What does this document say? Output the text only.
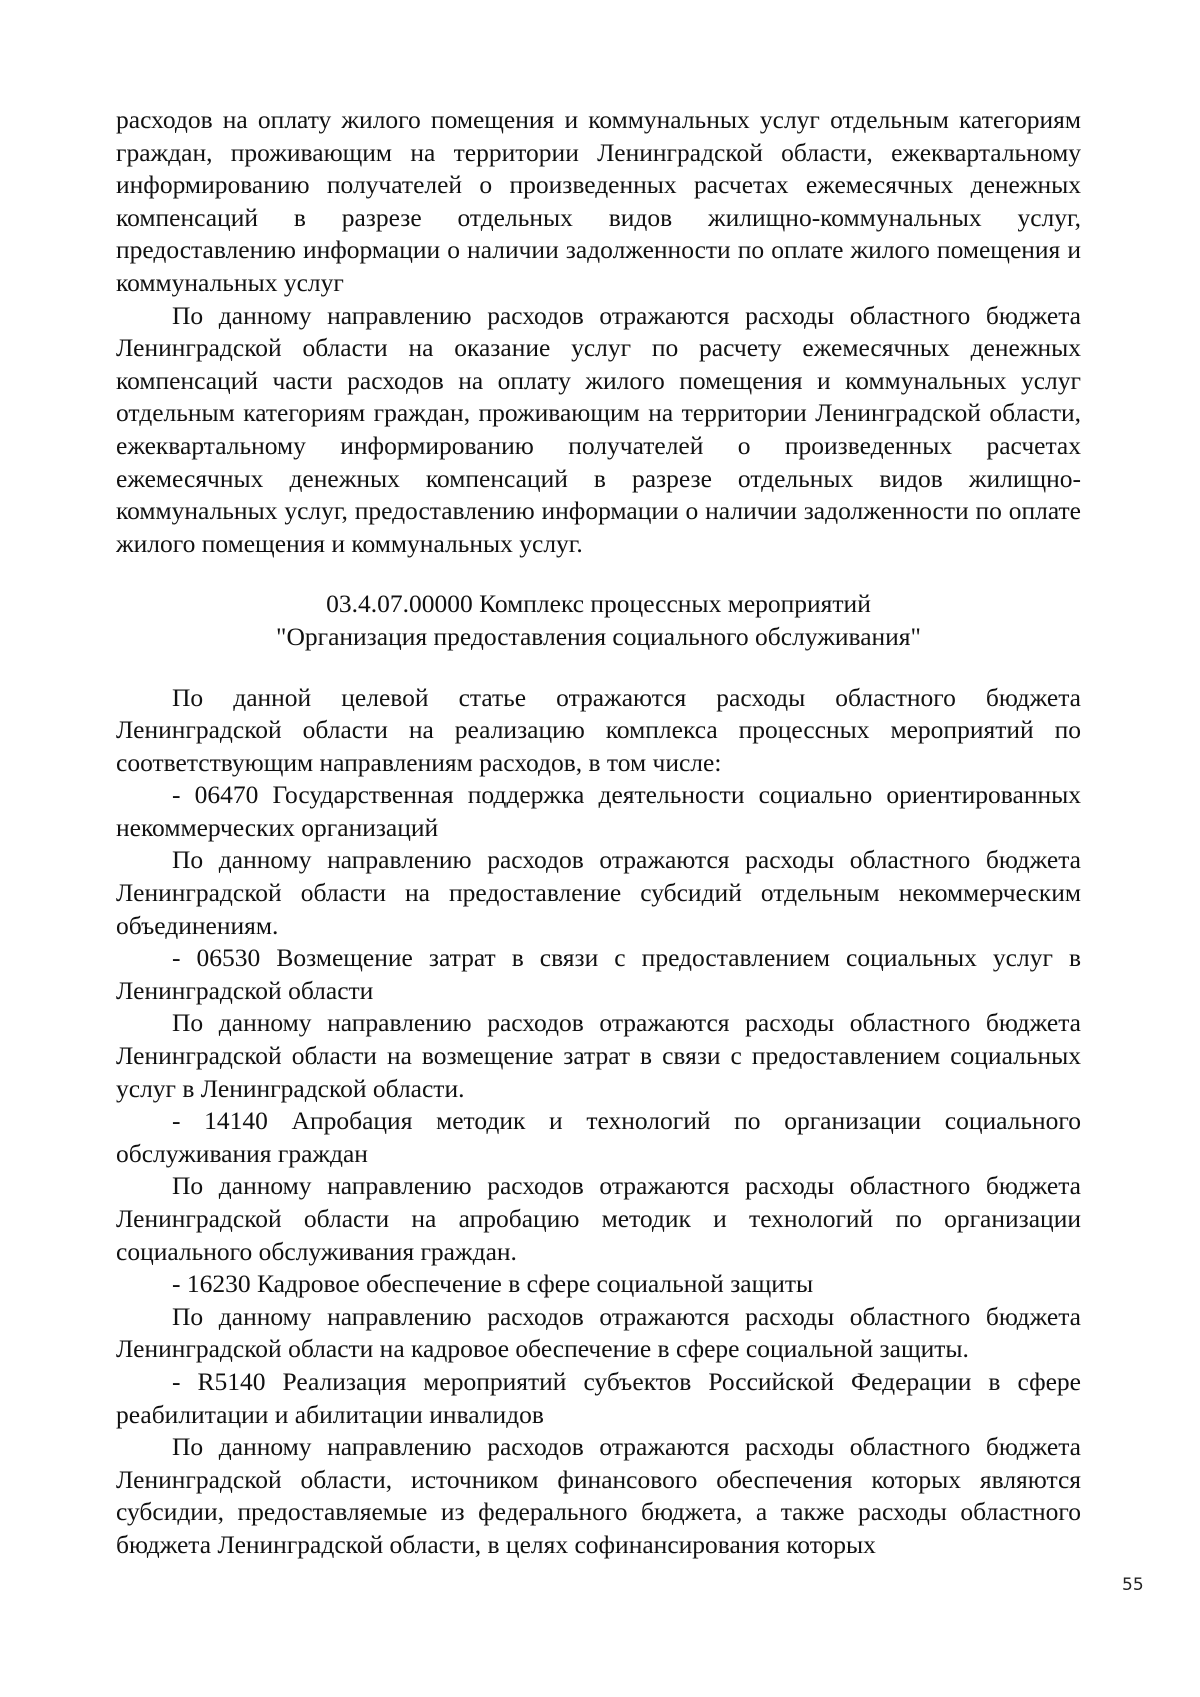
расходов на оплату жилого помещения и коммунальных услуг отдельным категориям граждан, проживающим на территории Ленинградской области, ежеквартальному информированию получателей о произведенных расчетах ежемесячных денежных компенсаций в разрезе отдельных видов жилищно-коммунальных услуг, предоставлению информации о наличии задолженности по оплате жилого помещения и коммунальных услуг

По данному направлению расходов отражаются расходы областного бюджета Ленинградской области на оказание услуг по расчету ежемесячных денежных компенсаций части расходов на оплату жилого помещения и коммунальных услуг отдельным категориям граждан, проживающим на территории Ленинградской области, ежеквартальному информированию получателей о произведенных расчетах ежемесячных денежных компенсаций в разрезе отдельных видов жилищно-коммунальных услуг, предоставлению информации о наличии задолженности по оплате жилого помещения и коммунальных услуг.

03.4.07.00000 Комплекс процессных мероприятий
"Организация предоставления социального обслуживания"

По данной целевой статье отражаются расходы областного бюджета Ленинградской области на реализацию комплекса процессных мероприятий по соответствующим направлениям расходов, в том числе:

- 06470 Государственная поддержка деятельности социально ориентированных некоммерческих организаций

По данному направлению расходов отражаются расходы областного бюджета Ленинградской области на предоставление субсидий отдельным некоммерческим объединениям.

- 06530 Возмещение затрат в связи с предоставлением социальных услуг в Ленинградской области

По данному направлению расходов отражаются расходы областного бюджета Ленинградской области на возмещение затрат в связи с предоставлением социальных услуг в Ленинградской области.

- 14140 Апробация методик и технологий по организации социального обслуживания граждан

По данному направлению расходов отражаются расходы областного бюджета Ленинградской области на апробацию методик и технологий по организации социального обслуживания граждан.

- 16230 Кадровое обеспечение в сфере социальной защиты

По данному направлению расходов отражаются расходы областного бюджета Ленинградской области на кадровое обеспечение в сфере социальной защиты.

- R5140 Реализация мероприятий субъектов Российской Федерации в сфере реабилитации и абилитации инвалидов

По данному направлению расходов отражаются расходы областного бюджета Ленинградской области, источником финансового обеспечения которых являются субсидии, предоставляемые из федерального бюджета, а также расходы областного бюджета Ленинградской области, в целях софинансирования которых

55
